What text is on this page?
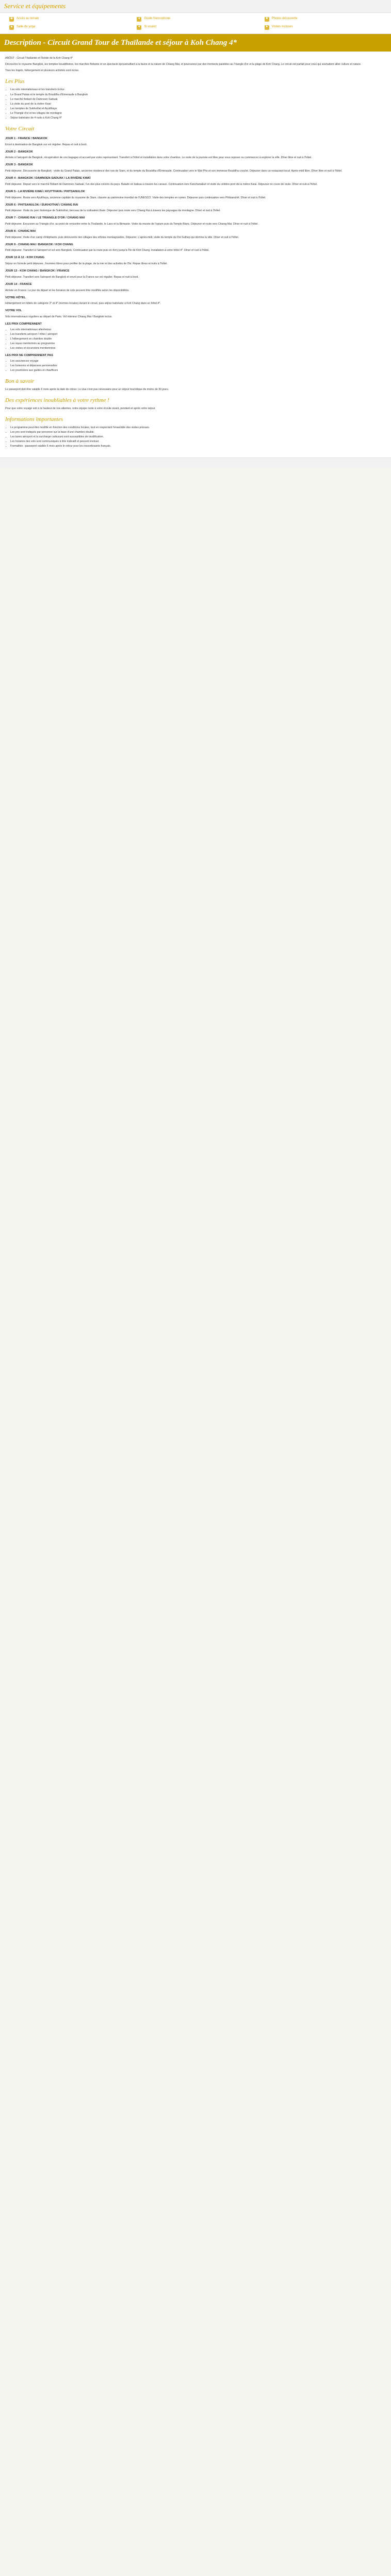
Service et équipements
◆	Accès au terrain	●	Guide francophone	■	Photos découverte
▲ Salle de yoga	♥	Si voulez	★	Visites incluses
Description - Circuit Grand Tour de Thaïlande et séjour à Koh Chang 4*

ARÔST - Circuit Thaïlande et Floride de la Koh Chang 4*

Découvrez le royaume Bangkok, les temples bouddhistes, les marchés flottants et un spectacle époustouflant à la faune et la nature de Chiang Mai, et poursuivez par des moments paisibles au Triangle d'or et la plage de Koh Chang. Le circuit est parfait pour ceux qui souhaitent allier culture et nature.

Tous les trajets, hébergement et plusieurs activités sont inclus.

Les Plus
• Les vols internationaux et les transferts inclus
• Le Grand Palais et le temple du Bouddha d'Émeraude à Bangkok
• Le marché flottant de Damnoen Saduak
• La visite du pont de la rivière Kwaï
• Les temples de Sukhothaï et Ayutthaya
• Le Triangle d'or et les villages de montagne
• Séjour balnéaire de 4 nuits à Koh Chang 4*
Votre Circuit
JOUR 1 - FRANCE / BANGKOK

Envol à destination de Bangkok sur vol régulier. Repas et nuit à bord.

JOUR 2 - BANGKOK

Arrivée à l'aéroport de Bangkok, récupération de vos bagages et accueil par votre représentant. Transfert à l'hôtel et installation dans votre chambre. Le reste de la journée est libre pour vous reposer ou commencer à explorer la ville. Dîner libre et nuit à l'hôtel.

JOUR 3 - BANGKOK

Petit déjeuner. Découverte de Bangkok : visite du Grand Palais, ancienne résidence des rois de Siam, et du temple du Bouddha d'Émeraude. Continuation vers le Wat Pho et son immense Bouddha couché. Déjeuner dans un restaurant local. Après-midi libre. Dîner libre et nuit à l'hôtel.

JOUR 4 - BANGKOK / DAMNOEN SADUAK / LA RIVIÈRE KWAÏ

Petit déjeuner. Départ vers le marché flottant de Damnoen Saduak, l'un des plus colorés du pays. Balade en bateau à travers les canaux. Continuation vers Kanchanaburi et visite du célèbre pont de la rivière Kwaï. Déjeuner en cours de route. Dîner et nuit à l'hôtel.

JOUR 5 - LA RIVIÈRE KWAÏ / AYUTTHAYA / PHITSANULOK

Petit déjeuner. Route vers Ayutthaya, ancienne capitale du royaume de Siam, classée au patrimoine mondial de l'UNESCO. Visite des temples en ruines. Déjeuner puis continuation vers Phitsanulok. Dîner et nuit à l'hôtel.

JOUR 6 - PHITSANULOK / SUKHOTHAÏ / CHIANG RAI

Petit déjeuner. Visite du parc historique de Sukhothaï, berceau de la civilisation thaïe. Déjeuner puis route vers Chiang Rai à travers les paysages de montagne. Dîner et nuit à l'hôtel.

JOUR 7 - CHIANG RAI / LE TRIANGLE D'OR / CHIANG MAI

Petit déjeuner. Excursion au Triangle d'or, au point de rencontre entre la Thaïlande, le Laos et la Birmanie. Visite du musée de l'opium puis du Temple Blanc. Déjeuner et route vers Chiang Mai. Dîner et nuit à l'hôtel.

JOUR 8 - CHIANG MAI

Petit déjeuner. Visite d'un camp d'éléphants, puis découverte des villages des ethnies montagnardes. Déjeuner. L'après-midi, visite du temple du Doi Suthep qui domine la ville. Dîner et nuit à l'hôtel.

JOUR 9 - CHIANG MAI / BANGKOK / KOH CHANG

Petit déjeuner. Transfert à l'aéroport et vol vers Bangkok. Continuation par la route puis en ferry jusqu'à l'île de Koh Chang. Installation à votre hôtel 4*. Dîner et nuit à l'hôtel.

JOUR 10 À 12 - KOH CHANG

Séjour en formule petit déjeuner. Journées libres pour profiter de la plage, de la mer et des activités de l'île. Repas libres et nuits à l'hôtel.

JOUR 13 - KOH CHANG / BANGKOK / FRANCE

Petit déjeuner. Transfert vers l'aéroport de Bangkok et envol pour la France sur vol régulier. Repas et nuit à bord.

JOUR 14 - FRANCE

Arrivée en France. Le jour du départ et les horaires de vols peuvent être modifiés selon les disponibilités.

VOTRE HÔTEL

Hébergement en hôtels de catégorie 3* et 4* (normes locales) durant le circuit, puis séjour balnéaire à Koh Chang dans un hôtel 4*.

VOTRE VOL

Vols internationaux réguliers au départ de Paris. Vol intérieur Chiang Mai / Bangkok inclus.

LES PRIX COMPRENNENT
• Les vols internationaux aller/retour
• Les transferts aéroport / hôtel / aéroport
• L'hébergement en chambre double
• Les repas mentionnés au programme
• Les visites et excursions mentionnées
LES PRIX NE COMPRENNENT PAS
• Les assurances voyage
• Les boissons et dépenses personnelles
• Les pourboires aux guides et chauffeurs
Bon à savoir

Le passeport doit être valable 6 mois après la date de retour. Le visa n'est pas nécessaire pour un séjour touristique de moins de 30 jours.

Des expériences inoubliables à votre rythme !

Pour que votre voyage soit à la hauteur de vos attentes, notre équipe reste à votre écoute avant, pendant et après votre séjour.

Informations importantes
• Le programme peut être modifié en fonction des conditions locales, tout en respectant l'ensemble des visites prévues.
• Les prix sont indiqués par personne sur la base d'une chambre double.
• Les taxes aéroport et la surcharge carburant sont susceptibles de modification.
• Les horaires des vols sont communiqués à titre indicatif et peuvent évoluer.
• Formalités : passeport valable 6 mois après le retour pour les ressortissants français.
